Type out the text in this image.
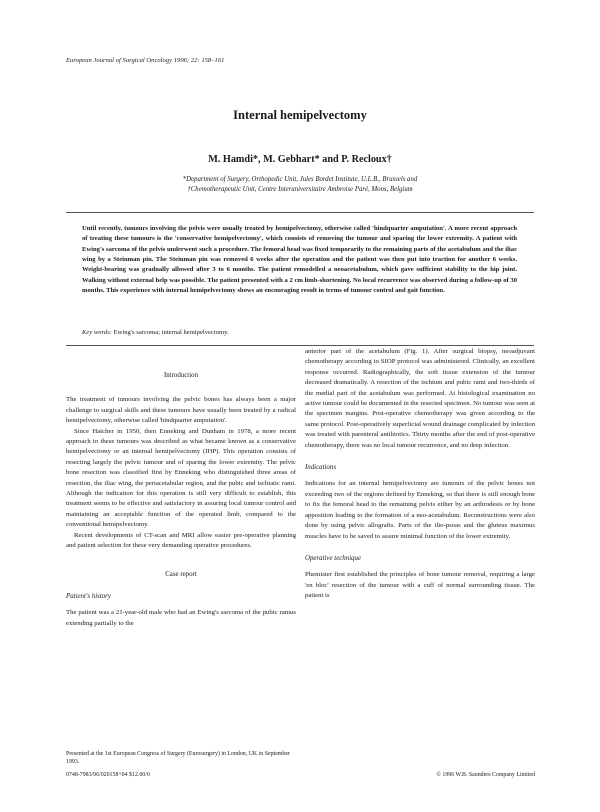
European Journal of Surgical Oncology 1996; 22: 158–161
Internal hemipelvectomy
M. Hamdi*, M. Gebhart* and P. Recloux†
*Department of Surgery, Orthopedic Unit, Jules Bordet Institute, U.L.B., Brussels and
†Chemotherapeutic Unit, Centre Interuniversitaire Ambroise Paré, Mons, Belgium
Until recently, tumours involving the pelvis were usually treated by hemipelvectomy, otherwise called 'hindquarter amputation'. A more recent approach of treating these tumours is the 'conservative hemipelvectomy', which consists of removing the tumour and sparing the lower extremity. A patient with Ewing's sarcoma of the pelvis underwent such a procedure. The femoral head was fixed temporarily to the remaining parts of the acetabulum and the iliac wing by a Steinman pin. The Steinman pin was removed 6 weeks after the operation and the patient was then put into traction for another 6 weeks. Weight-bearing was gradually allowed after 3 to 6 months. The patient remodelled a neoacetabulum, which gave sufficient stability to the hip joint. Walking without external help was possible. The patient presented with a 2 cm limb-shortening. No local recurrence was observed during a follow-up of 30 months. This experience with internal hemipelvectomy shows an encouraging result in terms of tumour control and gait function.
Key words: Ewing's sarcoma; internal hemipelvectomy.

Introduction

The treatment of tumours involving the pelvic bones has always been a major challenge to surgical skills and these tumours have usually been treated by a radical hemipelvectomy, otherwise called 'hindquarter amputation'.

Since Hatcher in 1950, then Enneking and Dunham in 1978, a more recent approach to these tumours was described as what became known as a conservative hemipelvectomy or an internal hemipelvectomy (IHP). This operation consists of resecting largely the pelvic tumour and of sparing the lower extremity. The pelvic bone resection was classified first by Enneking who distinguished three areas of resection, the iliac wing, the periacetabular region, and the pubic and ischiatic rami. Although the indication for this operation is still very difficult to establish, this treatment seems to be effective and satisfactory in assuring local tumour control and maintaining an acceptable function of the operated limb, compared to the conventional hemipelvectomy.

Recent developments of CT-scan and MRI allow easier pre-operative planning and patient selection for these very demanding operative procedures.

Case report

Patient's history

The patient was a 21-year-old male who had an Ewing's sarcoma of the pubic ramus extending partially to the

Presented at the 1st European Congress of Surgery (Eurosurgery) in London, UK in September 1993.
0748-7983/96/020158+04 $12.00/0

anterior part of the acetabulum (Fig. 1). After surgical biopsy, neoadjuvant chemotherapy according to SIOP protocol was administered. Clinically, an excellent response occurred. Radiographically, the soft tissue extension of the tumour decreased dramatically. A resection of the ischium and pubic rami and two-thirds of the medial part of the acetabulum was performed. At histological examination no active tumour could be documented in the resected specimen. No tumour was seen at the specimen margins. Post-operative chemotherapy was given according to the same protocol. Post-operatively superficial wound drainage complicated by infection was treated with parenteral antibiotics. Thirty months after the end of post-operative chemotherapy, there was no local tumour recurrence, and no deep infection.

Indications

Indications for an internal hemipelvectomy are tumours of the pelvic bones not exceeding two of the regions defined by Enneking, so that there is still enough bone to fix the femoral head to the remaining pelvis either by an arthrodesis or by bone apposition leading to the formation of a neo-acetabulum. Reconstructions were also done by using pelvic allografts. Parts of the ilio-psoas and the gluteus maximus muscles have to be saved to assure minimal function of the lower extremity.

Operative technique

Phemister first established the principles of bone tumour removal, requiring a large 'en bloc' resection of the tumour with a cuff of normal surrounding tissue. The patient is

© 1996 W.B. Saunders Company Limited
